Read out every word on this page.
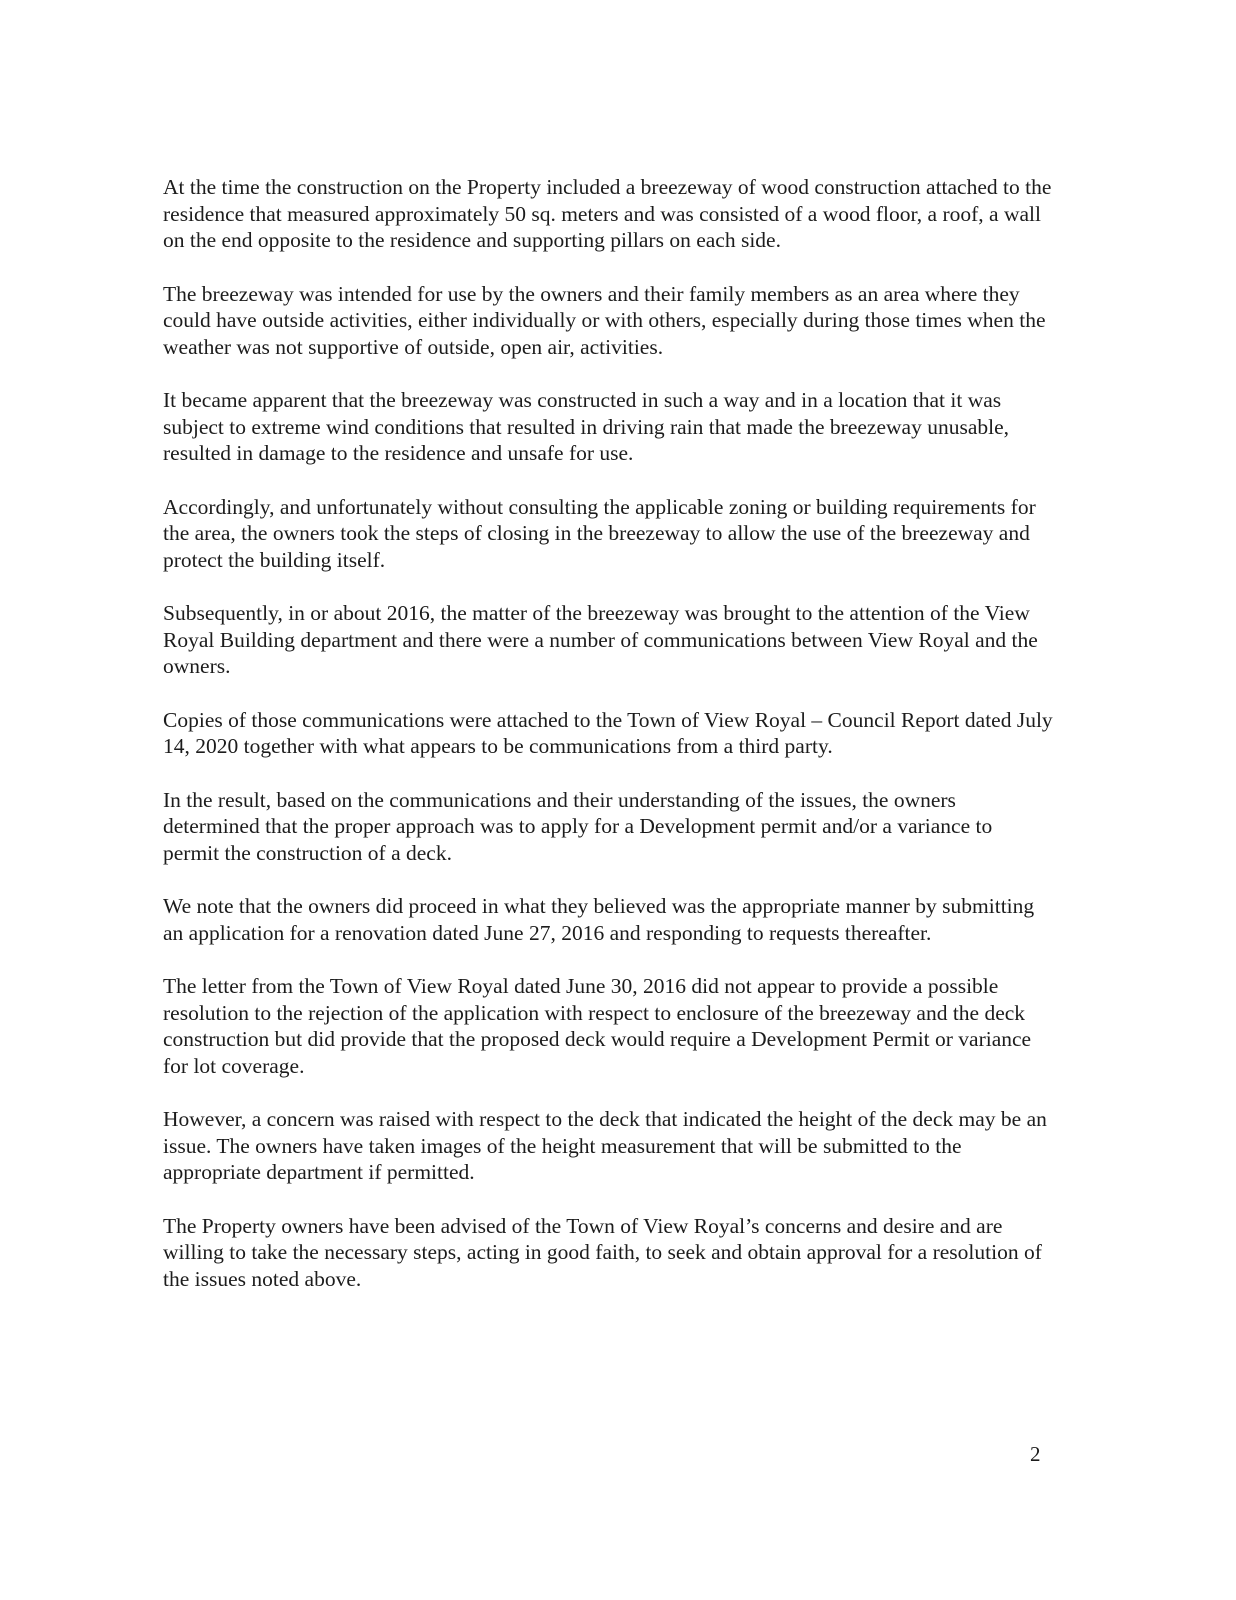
At the time the construction on the Property included a breezeway of wood construction attached to the residence that measured approximately 50 sq. meters and was consisted of a wood floor, a roof, a wall on the end opposite to the residence and supporting pillars on each side.

The breezeway was intended for use by the owners and their family members as an area where they could have outside activities, either individually or with others, especially during those times when the weather was not supportive of outside, open air, activities.

It became apparent that the breezeway was constructed in such a way and in a location that it was subject to extreme wind conditions that resulted in driving rain that made the breezeway unusable, resulted in damage to the residence and unsafe for use.

Accordingly, and unfortunately without consulting the applicable zoning or building requirements for the area, the owners took the steps of closing in the breezeway to allow the use of the breezeway and protect the building itself.

Subsequently, in or about 2016, the matter of the breezeway was brought to the attention of the View Royal Building department and there were a number of communications between View Royal and the owners.

Copies of those communications were attached to the Town of View Royal – Council Report dated July 14, 2020 together with what appears to be communications from a third party.

In the result, based on the communications and their understanding of the issues, the owners determined that the proper approach was to apply for a Development permit and/or a variance to permit the construction of a deck.

We note that the owners did proceed in what they believed was the appropriate manner by submitting an application for a renovation dated June 27, 2016 and responding to requests thereafter.

The letter from the Town of View Royal dated June 30, 2016 did not appear to provide a possible resolution to the rejection of the application with respect to enclosure of the breezeway and the deck construction but did provide that the proposed deck would require a Development Permit or variance for lot coverage.

However, a concern was raised with respect to the deck that indicated the height of the deck may be an issue. The owners have taken images of the height measurement that will be submitted to the appropriate department if permitted.

The Property owners have been advised of the Town of View Royal’s concerns and desire and are willing to take the necessary steps, acting in good faith, to seek and obtain approval for a resolution of the issues noted above.

2
